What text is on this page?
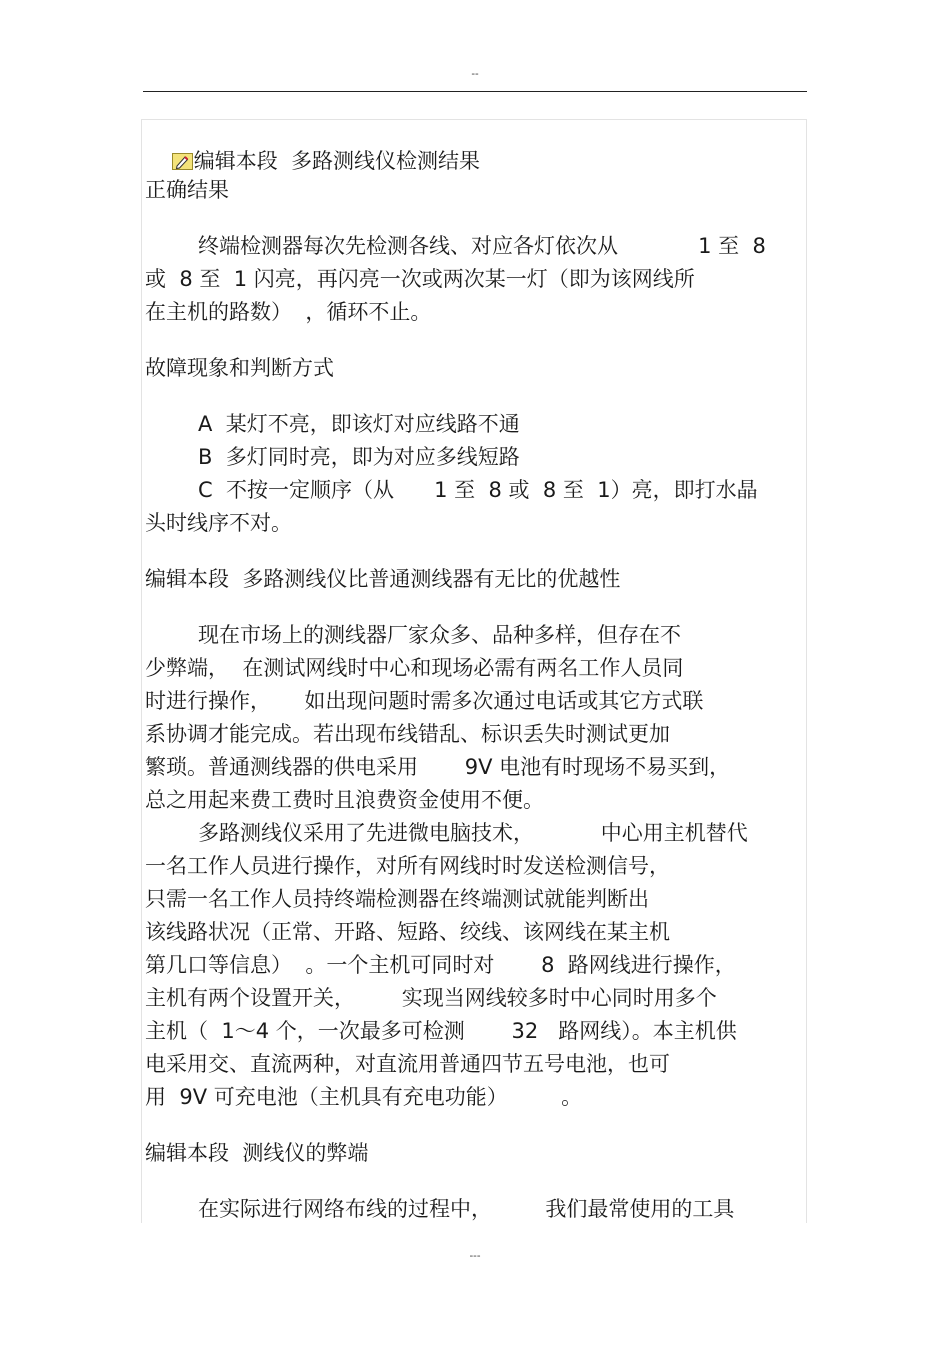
--

编辑本段  多路测线仪检测结果

正确结果
终端检测器每次先检测各线、对应各灯依次从            1 至  8
或  8 至  1 闪亮，再闪亮一次或两次某一灯（即为该网线所
在主机的路数）  ，循环不止。
故障现象和判断方式
A  某灯不亮，即该灯对应线路不通
B  多灯同时亮，即为对应多线短路
C  不按一定顺序（从      1 至  8 或  8 至  1）亮，即打水晶
头时线序不对。
编辑本段  多路测线仪比普通测线器有无比的优越性
现在市场上的测线器厂家众多、品种多样，但存在不
少弊端，  在测试网线时中心和现场必需有两名工作人员同
时进行操作，     如出现问题时需多次通过电话或其它方式联
系协调才能完成。若出现布线错乱、标识丢失时测试更加
繁琐。普通测线器的供电采用       9V 电池有时现场不易买到，
总之用起来费工费时且浪费资金使用不便。
多路测线仪采用了先进微电脑技术，          中心用主机替代
一名工作人员进行操作，对所有网线时时发送检测信号，
只需一名工作人员持终端检测器在终端测试就能判断出
该线路状况（正常、开路、短路、绞线、该网线在某主机
第几口等信息）  。一个主机可同时对       8  路网线进行操作，
主机有两个设置开关，       实现当网线较多时中心同时用多个
主机（  1～4 个，一次最多可检测       32   路网线）。本主机供
电采用交、直流两种，对直流用普通四节五号电池，也可
用  9V 可充电池（主机具有充电功能）        。
编辑本段  测线仪的弊端
在实际进行网络布线的过程中，        我们最常使用的工具
---
